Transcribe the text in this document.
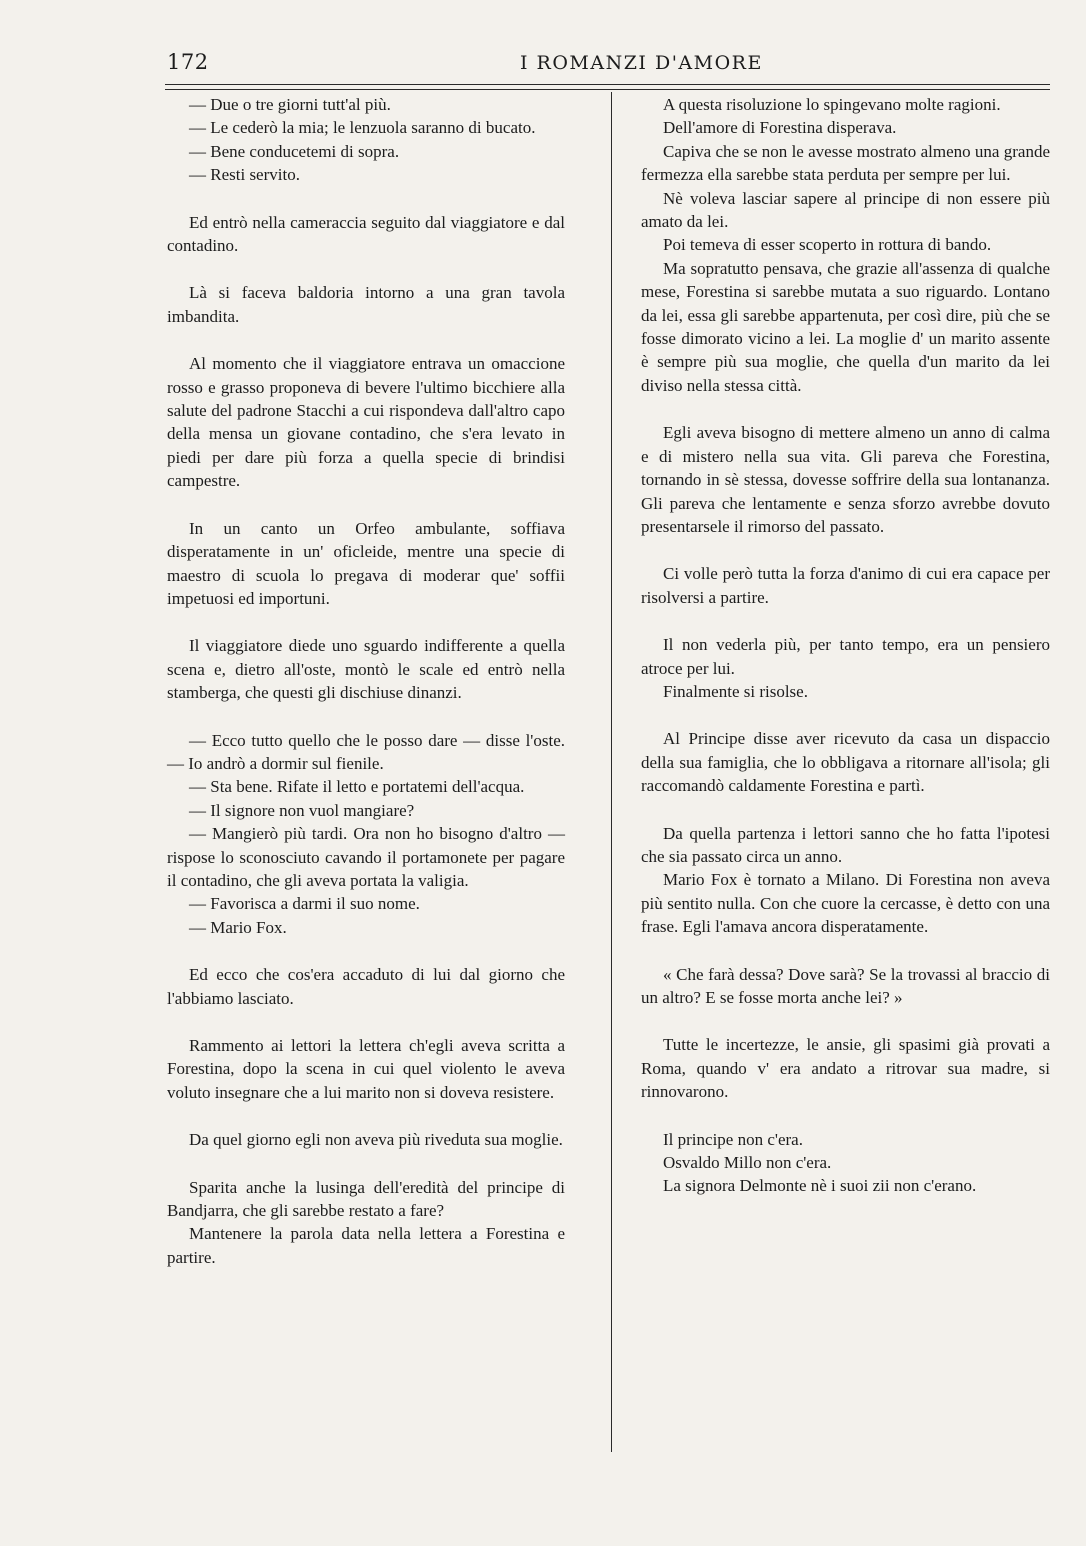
172	I ROMANZI D'AMORE

— Due o tre giorni tutt'al più.

— Le cederò la mia; le lenzuola saranno di bucato.

— Bene conducetemi di sopra.

— Resti servito.

Ed entrò nella cameraccia seguito dal viaggiatore e dal contadino.

Là si faceva baldoria intorno a una gran tavola imbandita.

Al momento che il viaggiatore entrava un omaccione rosso e grasso proponeva di bevere l'ultimo bicchiere alla salute del padrone Stacchi a cui rispondeva dall'altro capo della mensa un giovane contadino, che s'era levato in piedi per dare più forza a quella specie di brindisi campestre.

In un canto un Orfeo ambulante, soffiava disperatamente in un' oficleide, mentre una specie di maestro di scuola lo pregava di moderar que' soffii impetuosi ed importuni.

Il viaggiatore diede uno sguardo indifferente a quella scena e, dietro all'oste, montò le scale ed entrò nella stamberga, che questi gli dischiuse dinanzi.

— Ecco tutto quello che le posso dare — disse l'oste. — Io andrò a dormir sul fienile.

— Sta bene. Rifate il letto e portatemi dell'acqua.

— Il signore non vuol mangiare?

— Mangierò più tardi. Ora non ho bisogno d'altro — rispose lo sconosciuto cavando il portamonete per pagare il contadino, che gli aveva portata la valigia.

— Favorisca a darmi il suo nome.

— Mario Fox.

Ed ecco che cos'era accaduto di lui dal giorno che l'abbiamo lasciato.

Rammento ai lettori la lettera ch'egli aveva scritta a Forestina, dopo la scena in cui quel violento le aveva voluto insegnare che a lui marito non si doveva resistere.

Da quel giorno egli non aveva più riveduta sua moglie.

Sparita anche la lusinga dell'eredità del principe di Bandjarra, che gli sarebbe restato a fare?

Mantenere la parola data nella lettera a Forestina e partire.

A questa risoluzione lo spingevano molte ragioni.

Dell'amore di Forestina disperava.

Capiva che se non le avesse mostrato almeno una grande fermezza ella sarebbe stata perduta per sempre per lui.

Nè voleva lasciar sapere al principe di non essere più amato da lei.

Poi temeva di esser scoperto in rottura di bando.

Ma sopratutto pensava, che grazie all'assenza di qualche mese, Forestina si sarebbe mutata a suo riguardo. Lontano da lei, essa gli sarebbe appartenuta, per così dire, più che se fosse dimorato vicino a lei. La moglie d' un marito assente è sempre più sua moglie, che quella d'un marito da lei diviso nella stessa città.

Egli aveva bisogno di mettere almeno un anno di calma e di mistero nella sua vita. Gli pareva che Forestina, tornando in sè stessa, dovesse soffrire della sua lontananza. Gli pareva che lentamente e senza sforzo avrebbe dovuto presentarsele il rimorso del passato.

Ci volle però tutta la forza d'animo di cui era capace per risolversi a partire.

Il non vederla più, per tanto tempo, era un pensiero atroce per lui.

Finalmente si risolse.

Al Principe disse aver ricevuto da casa un dispaccio della sua famiglia, che lo obbligava a ritornare all'isola; gli raccomandò caldamente Forestina e partì.

Da quella partenza i lettori sanno che ho fatta l'ipotesi che sia passato circa un anno.

Mario Fox è tornato a Milano. Di Forestina non aveva più sentito nulla. Con che cuore la cercasse, è detto con una frase. Egli l'amava ancora disperatamente.

« Che farà dessa? Dove sarà? Se la trovassi al braccio di un altro? E se fosse morta anche lei? »

Tutte le incertezze, le ansie, gli spasimi già provati a Roma, quando v' era andato a ritrovar sua madre, si rinnovarono.

Il principe non c'era.

Osvaldo Millo non c'era.

La signora Delmonte nè i suoi zii non c'erano.
